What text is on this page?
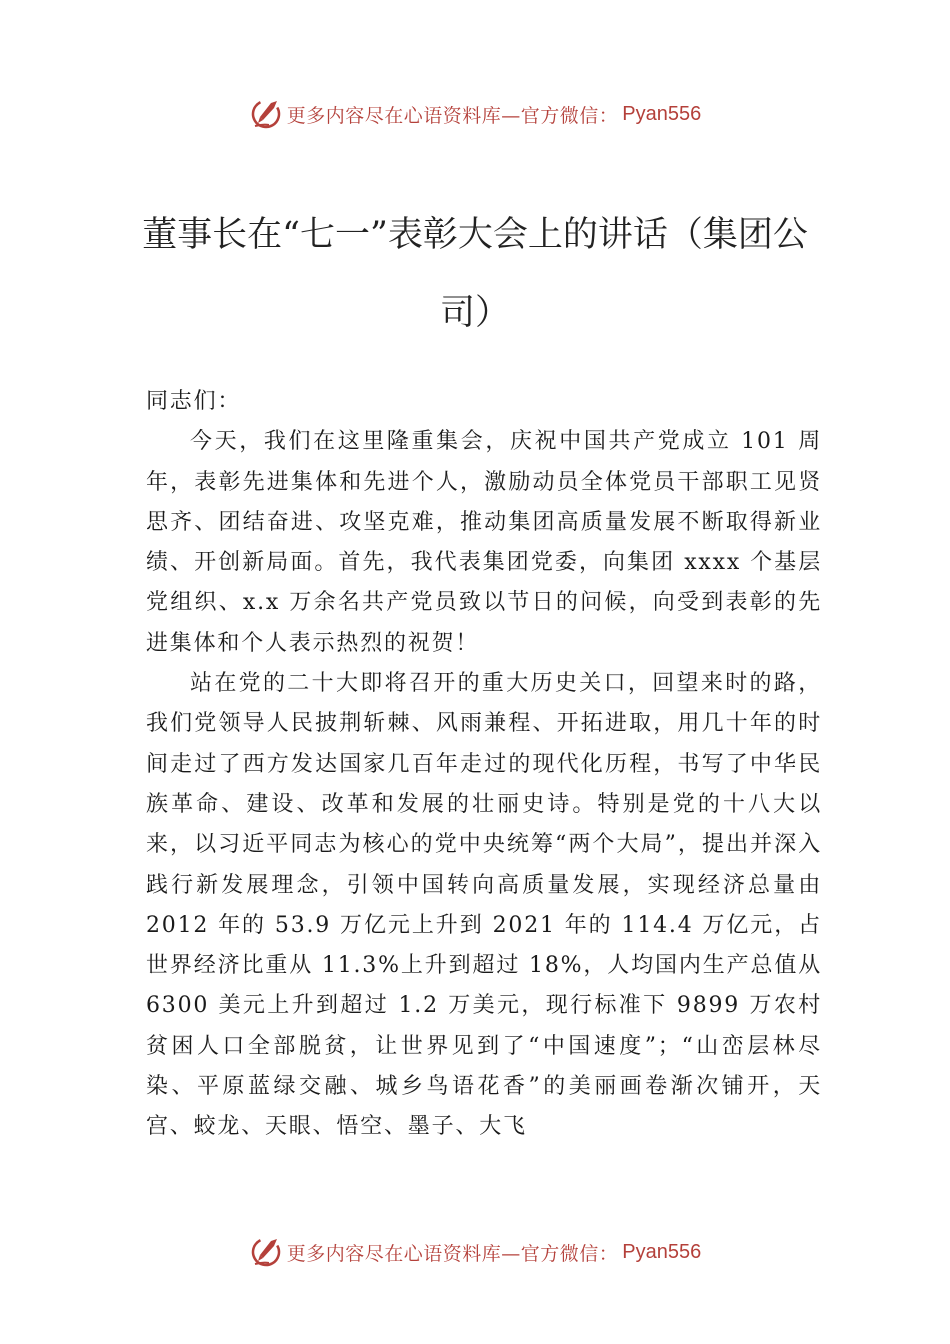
更多内容尽在心语资料库—官方微信： Pyan556
董事长在“七一”表彰大会上的讲话（集团公司）

同志们：

今天，我们在这里隆重集会，庆祝中国共产党成立 101 周年，表彰先进集体和先进个人，激励动员全体党员干部职工见贤思齐、团结奋进、攻坚克难，推动集团高质量发展不断取得新业绩、开创新局面。首先，我代表集团党委，向集团 xxxx 个基层党组织、x.x 万余名共产党员致以节日的问候，向受到表彰的先进集体和个人表示热烈的祝贺！

站在党的二十大即将召开的重大历史关口，回望来时的路，我们党领导人民披荆斩棘、风雨兼程、开拓进取，用几十年的时间走过了西方发达国家几百年走过的现代化历程，书写了中华民族革命、建设、改革和发展的壮丽史诗。特别是党的十八大以来，以习近平同志为核心的党中央统筹“两个大局”，提出并深入践行新发展理念，引领中国转向高质量发展，实现经济总量由 2012 年的 53.9 万亿元上升到 2021 年的 114.4 万亿元，占世界经济比重从 11.3%上升到超过 18%，人均国内生产总值从 6300 美元上升到超过 1.2 万美元，现行标准下 9899 万农村贫困人口全部脱贫，让世界见到了“中国速度”；“山峦层林尽染、平原蓝绿交融、城乡鸟语花香”的美丽画卷渐次铺开，天宫、蛟龙、天眼、悟空、墨子、大飞

更多内容尽在心语资料库—官方微信： Pyan556
